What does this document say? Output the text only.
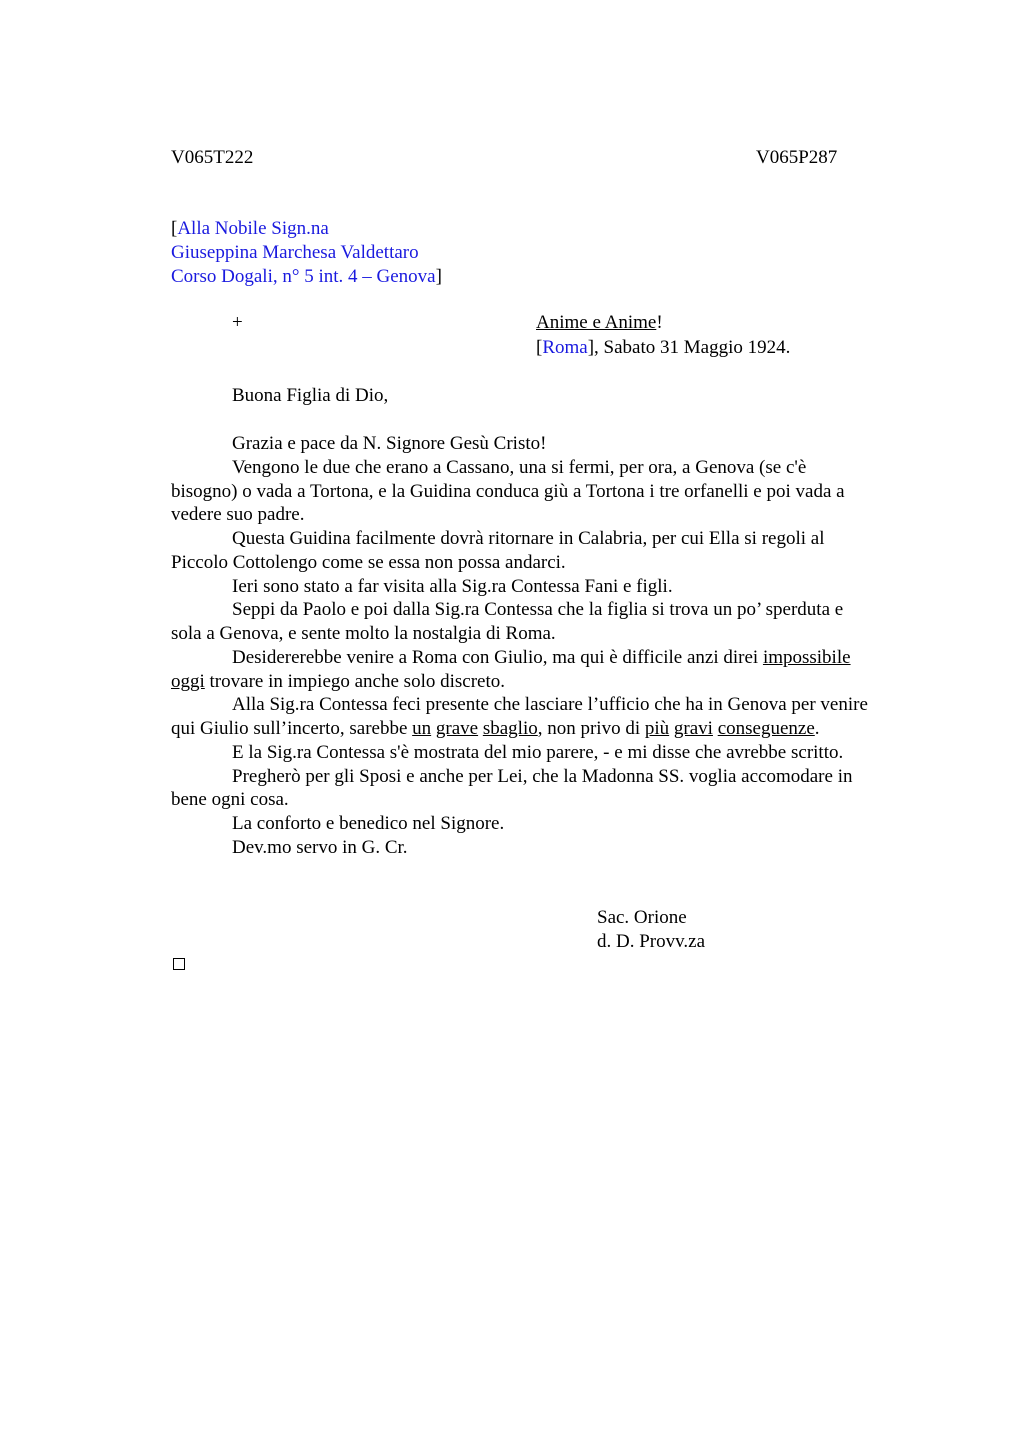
V065T222	V065P287
[Alla Nobile Sign.na
Giuseppina Marchesa Valdettaro
Corso Dogali, n° 5 int. 4 – Genova]
+	Anime e Anime!
[Roma], Sabato 31 Maggio 1924.
Buona Figlia di Dio,
Grazia e pace da N. Signore Gesù Cristo!
Vengono le due che erano a Cassano, una si fermi, per ora, a Genova (se c'è
bisogno) o vada a Tortona, e la Guidina conduca giù a Tortona i tre orfanelli e poi vada a
vedere suo padre.
Questa Guidina facilmente dovrà ritornare in Calabria, per cui Ella si regoli al
Piccolo Cottolengo come se essa non possa andarci.
Ieri sono stato a far visita alla Sig.ra Contessa Fani e figli.
Seppi da Paolo e poi dalla Sig.ra Contessa che la figlia si trova un po’ sperduta e
sola a Genova, e sente molto la nostalgia di Roma.
Desidererebbe venire a Roma con Giulio, ma qui è difficile anzi direi impossibile
oggi trovare in impiego anche solo discreto.
Alla Sig.ra Contessa feci presente che lasciare l’ufficio che ha in Genova per venire
qui Giulio sull’incerto, sarebbe un grave sbaglio, non privo di più gravi conseguenze.
E la Sig.ra Contessa s'è mostrata del mio parere, - e mi disse che avrebbe scritto.
Pregherò per gli Sposi e anche per Lei, che la Madonna SS. voglia accomodare in
bene ogni cosa.
La conforto e benedico nel Signore.
Dev.mo servo in G. Cr.
Sac. Orione
d. D. Provv.za
